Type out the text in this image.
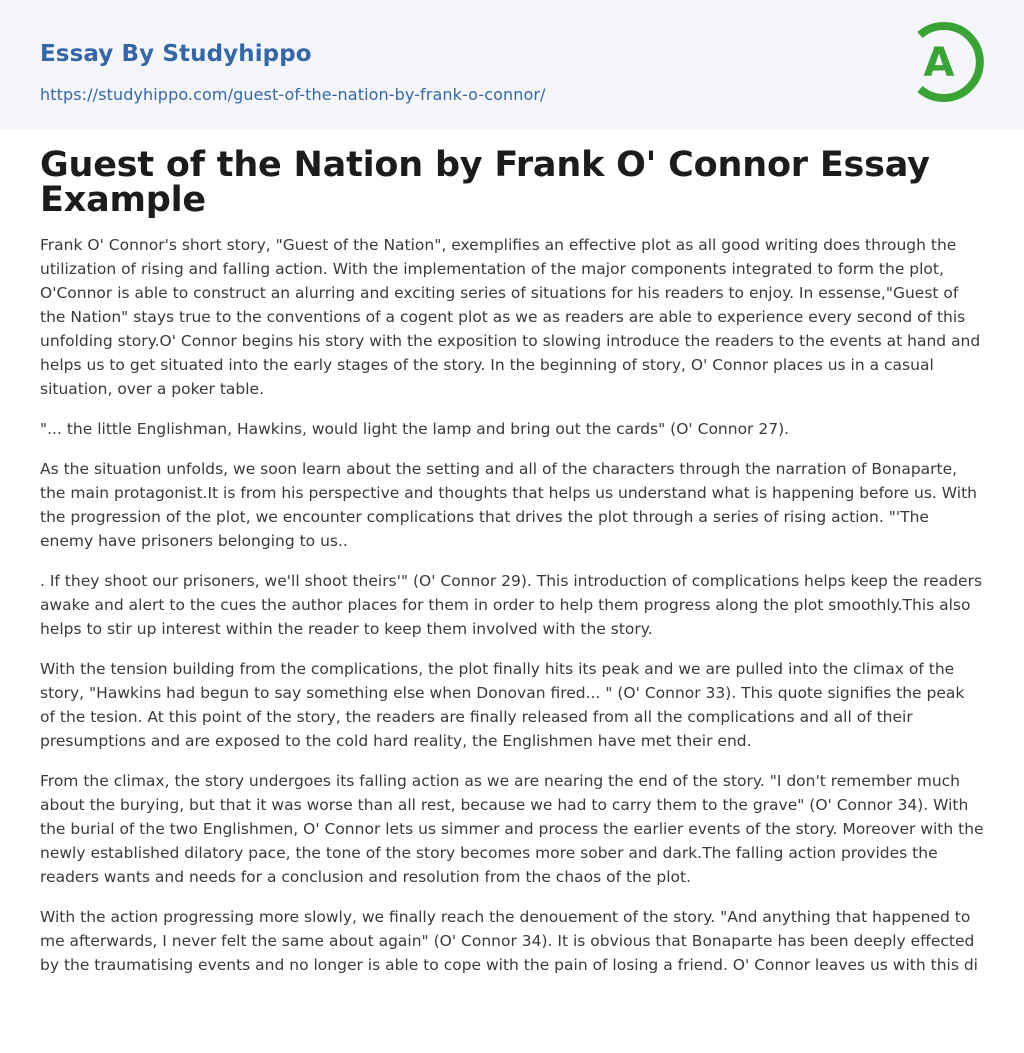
Essay By Studyhippo
https://studyhippo.com/guest-of-the-nation-by-frank-o-connor/
A
Guest of the Nation by Frank O' Connor Essay Example

Frank O' Connor's short story, "Guest of the Nation", exemplifies an effective plot as all good writing does through the utilization of rising and falling action. With the implementation of the major components integrated to form the plot, O'Connor is able to construct an alurring and exciting series of situations for his readers to enjoy. In essense,"Guest of the Nation" stays true to the conventions of a cogent plot as we as readers are able to experience every second of this unfolding story.O' Connor begins his story with the exposition to slowing introduce the readers to the events at hand and helps us to get situated into the early stages of the story. In the beginning of story, O' Connor places us in a casual situation, over a poker table.

"... the little Englishman, Hawkins, would light the lamp and bring out the cards" (O' Connor 27).

As the situation unfolds, we soon learn about the setting and all of the characters through the narration of Bonaparte, the main protagonist.It is from his perspective and thoughts that helps us understand what is happening before us. With the progression of the plot, we encounter complications that drives the plot through a series of rising action. "'The enemy have prisoners belonging to us..

. If they shoot our prisoners, we'll shoot theirs'" (O' Connor 29). This introduction of complications helps keep the readers awake and alert to the cues the author places for them in order to help them progress along the plot smoothly.This also helps to stir up interest within the reader to keep them involved with the story.

With the tension building from the complications, the plot finally hits its peak and we are pulled into the climax of the story, "Hawkins had begun to say something else when Donovan fired... " (O' Connor 33). This quote signifies the peak of the tesion. At this point of the story, the readers are finally released from all the complications and all of their presumptions and are exposed to the cold hard reality, the Englishmen have met their end.

From the climax, the story undergoes its falling action as we are nearing the end of the story. "I don't remember much about the burying, but that it was worse than all rest, because we had to carry them to the grave" (O' Connor 34). With the burial of the two Englishmen, O' Connor lets us simmer and process the earlier events of the story. Moreover with the newly established dilatory pace, the tone of the story becomes more sober and dark.The falling action provides the readers wants and needs for a conclusion and resolution from the chaos of the plot.

With the action progressing more slowly, we finally reach the denouement of the story. "And anything that happened to me afterwards, I never felt the same about again" (O' Connor 34). It is obvious that Bonaparte has been deeply effected by the traumatising events and no longer is able to cope with the pain of losing a friend. O' Connor leaves us with this di
